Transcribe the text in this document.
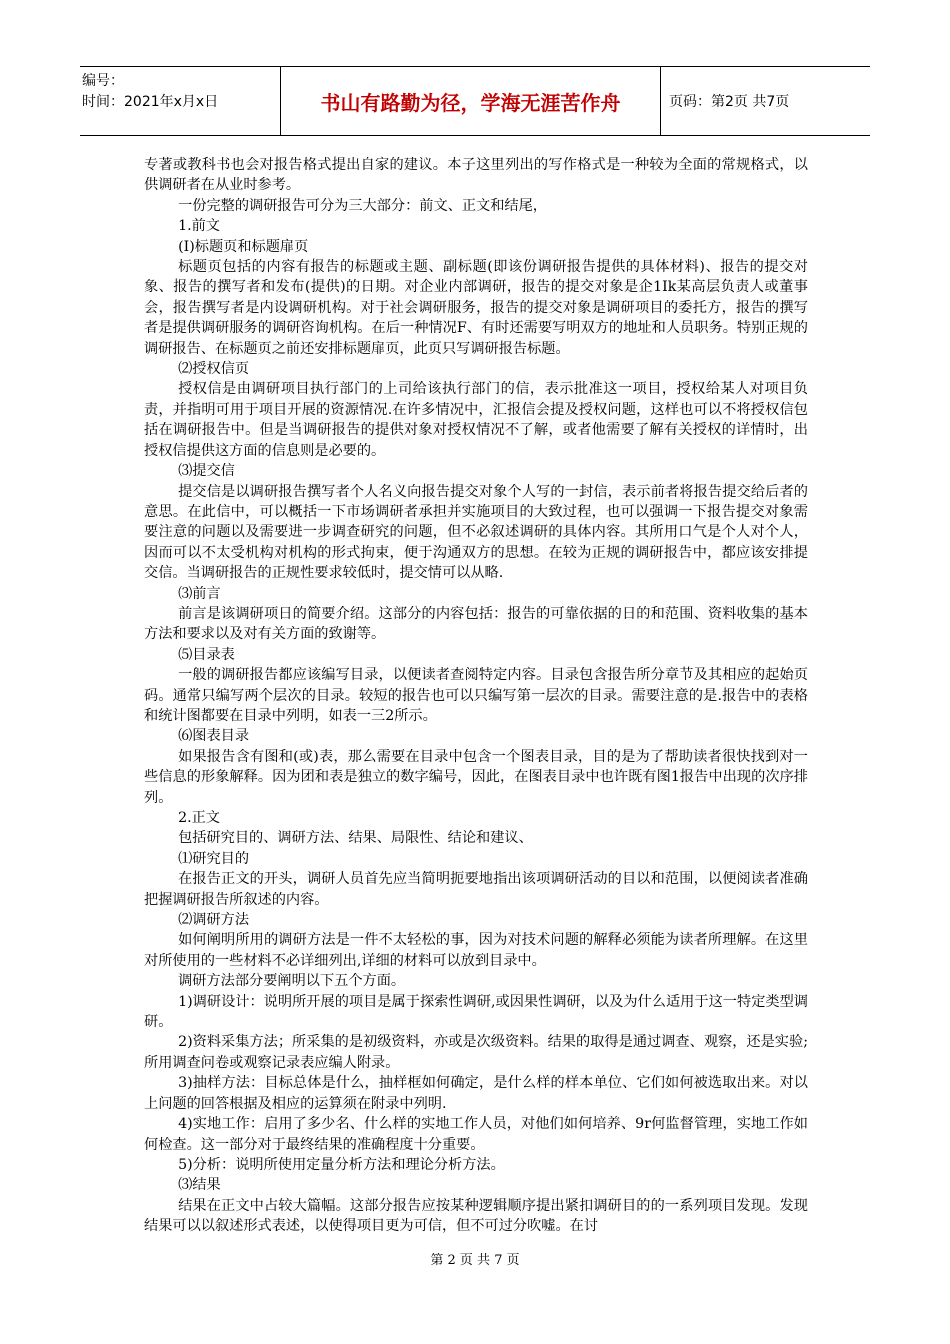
编号：
时间：2021年x月x日	书山有路勤为径，学海无涯苦作舟	页码：第2页 共7页

专著或教科书也会对报告格式提出自家的建议。本子这里列出的写作格式是一种较为全面的常规格式，以供调研者在从业时参考。

一份完整的调研报告可分为三大部分：前文、正文和结尾，

1.前文

(I)标题页和标题扉页

标题页包括的内容有报告的标题或主题、副标题(即该份调研报告提供的具体材料)、报告的提交对象、报告的撰写者和发布(提供)的日期。对企业内部调研，报告的提交对象是企1Ik某高层负责人或董事会，报告撰写者是内设调研机构。对于社会调研服务，报告的提交对象是调研项目的委托方，报告的撰写者是提供调研服务的调研咨询机构。在后一种情况F、有时还需要写明双方的地址和人员职务。特别正规的调研报告、在标题页之前还安排标题扉页，此页只写调研报告标题。

⑵授权信页

授权信是由调研项目执行部门的上司给该执行部门的信，表示批准这一项目，授权给某人对项目负责，并指明可用于项目开展的资源情况.在许多情况中，汇报信会提及授权问题，这样也可以不将授权信包括在调研报告中。但是当调研报告的提供对象对授权情况不了解，或者他需要了解有关授权的详情时，出授权信提供这方面的信息则是必要的。

⑶提交信

提交信是以调研报告撰写者个人名义向报告提交对象个人写的一封信，表示前者将报告提交给后者的意思。在此信中，可以概括一下市场调研者承担并实施项目的大致过程，也可以强调一下报告提交对象需要注意的问题以及需要进一步调查研究的问题，但不必叙述调研的具体内容。其所用口气是个人对个人，因而可以不太受机构对机构的形式拘束，便于沟通双方的思想。在较为正规的调研报告中，都应该安排提交信。当调研报告的正规性要求较低时，提交情可以从略.

⑶前言

前言是该调研项日的简要介绍。这部分的内容包括：报告的可靠依据的日的和范围、资料收集的基本方法和要求以及对有关方面的致谢等。

⑸目录表

一般的调研报告都应该编写目录，以便读者查阅特定内容。目录包含报告所分章节及其相应的起始页码。通常只编写两个层次的目录。较短的报告也可以只编写第一层次的目录。需要注意的是.报告中的表格和统计图都要在目录中列明，如表一三2所示。

⑹图表目录

如果报告含有图和(或)表，那么需要在目录中包含一个图表目录，目的是为了帮助读者很快找到对一些信息的形象解释。因为团和表是独立的数字编号，因此，在图表目录中也许既有图1报告中出现的次序排列。

2.正文

包括研究目的、调研方法、结果、局限性、结论和建议、

⑴研究目的

在报告正文的开头，调研人员首先应当简明扼要地指出该项调研活动的目以和范围，以便阅读者准确把握调研报告所叙述的内容。

⑵调研方法

如何阐明所用的调研方法是一件不太轻松的事，因为对技术问题的解释必须能为读者所理解。在这里对所使用的一些材料不必详细列出,详细的材料可以放到目录中。

调研方法部分要阐明以下五个方面。

1)调研设计：说明所开展的项目是属于探索性调研,或因果性调研，以及为什么适用于这一特定类型调研。

2)资料采集方法；所采集的是初级资料，亦或是次级资料。结果的取得是通过调查、观察，还是实验;所用调查问卷或观察记录表应编人附录。

3)抽样方法：目标总体是什么，抽样框如何确定，是什么样的样本单位、它们如何被选取出来。对以上问题的回答根据及相应的运算须在附录中列明.

4)实地工作：启用了多少名、什么样的实地工作人员，对他们如何培养、9r何监督管理，实地工作如何检查。这一部分对于最终结果的准确程度十分重要。

5)分析：说明所使用定量分析方法和理论分析方法。

⑶结果

结果在正文中占较大篇幅。这部分报告应按某种逻辑顺序提出紧扣调研目的的一系列项目发现。发现结果可以以叙述形式表述，以使得项目更为可信，但不可过分吹嘘。在讨

第 2 页 共 7 页
